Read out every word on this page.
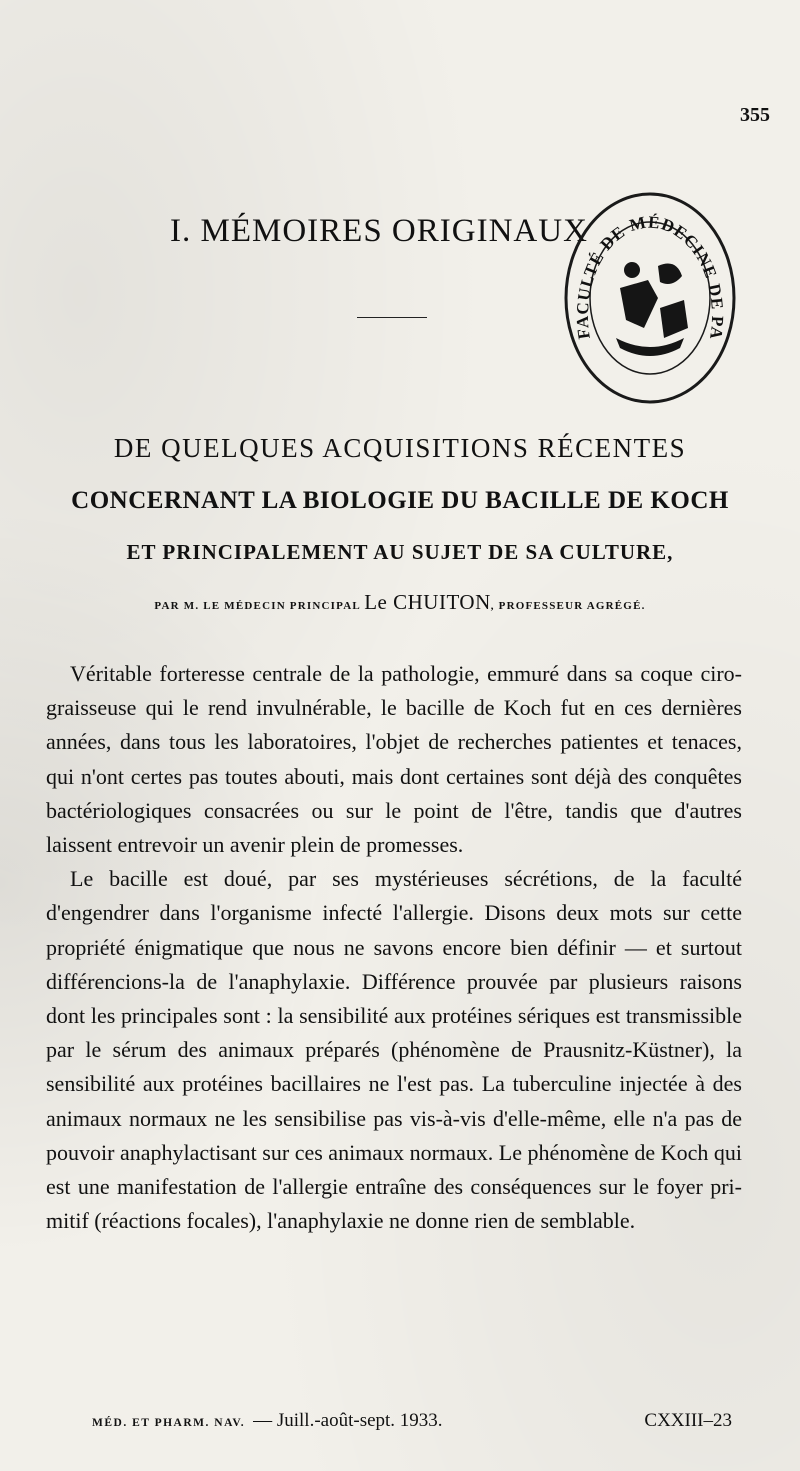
355
I. MÉMOIRES ORIGINAUX
FACULTÉ DE MÉDECINE DE PA
DE QUELQUES ACQUISITIONS RÉCENTES
CONCERNANT LA BIOLOGIE DU BACILLE DE KOCH
ET PRINCIPALEMENT AU SUJET DE SA CULTURE,
PAR M. LE MÉDECIN PRINCIPAL Le CHUITON, PROFESSEUR AGRÉGÉ.

Véritable forteresse centrale de la pathologie, emmuré dans sa coque ciro-graisseuse qui le rend invulnérable, le bacille de Koch fut en ces dernières années, dans tous les laboratoires, l'objet de recherches patientes et tenaces, qui n'ont certes pas toutes abouti, mais dont certaines sont déjà des conquêtes bactériologiques consacrées ou sur le point de l'être, tandis que d'autres laissent entrevoir un avenir plein de promesses.

Le bacille est doué, par ses mystérieuses sécrétions, de la faculté d'engendrer dans l'organisme infecté l'allergie. Disons deux mots sur cette propriété énigmatique que nous ne savons encore bien définir — et surtout différencions-la de l'anaphylaxie. Différence prouvée par plusieurs raisons dont les principales sont : la sensibilité aux protéines sériques est transmissible par le sérum des animaux préparés (phénomène de Prausnitz-Küstner), la sensibilité aux protéines bacillaires ne l'est pas. La tuberculine injectée à des animaux normaux ne les sensibilise pas vis-à-vis d'elle-même, elle n'a pas de pouvoir anaphylactisant sur ces animaux normaux. Le phénomène de Koch qui est une manifestation de l'allergie entraîne des conséquences sur le foyer primitif (réactions focales), l'anaphylaxie ne donne rien de semblable.

MÉD. ET PHARM. NAV. — Juill.-août-sept. 1933.	CXXIII–23
